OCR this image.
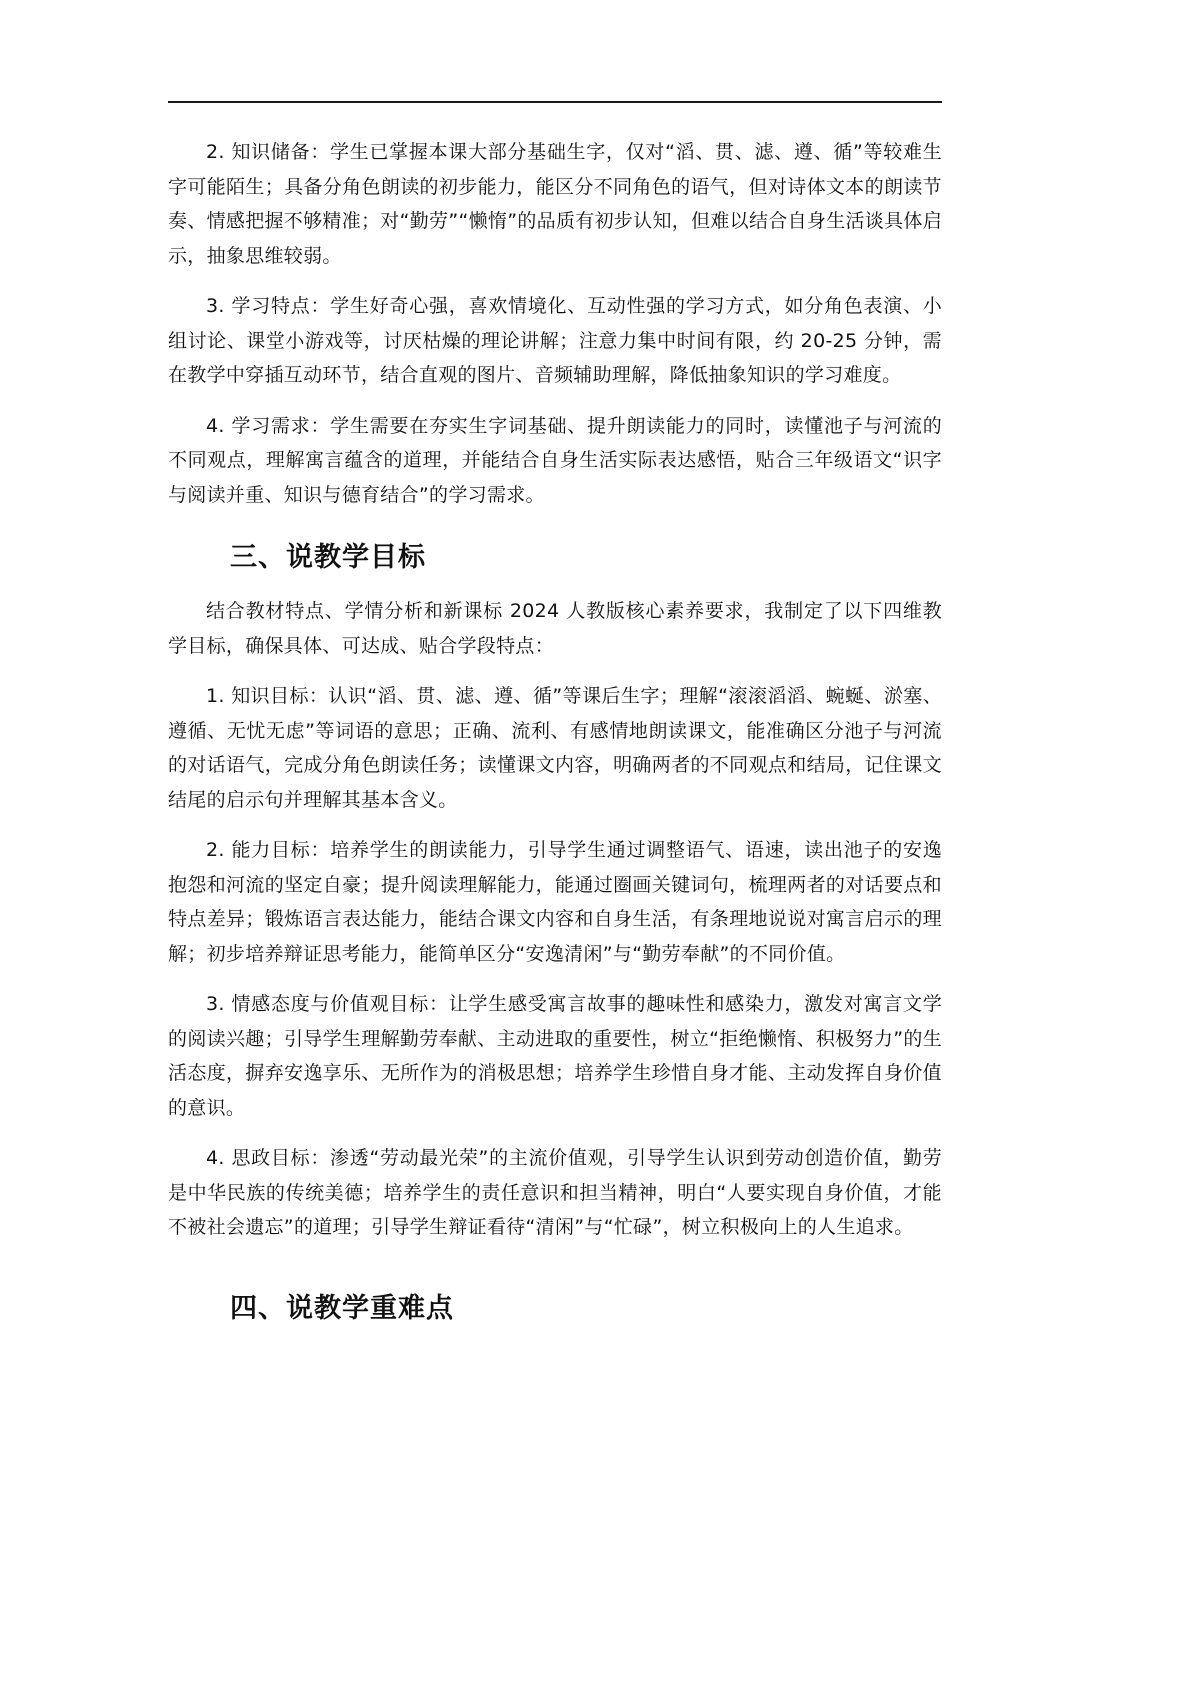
2. 知识储备：学生已掌握本课大部分基础生字，仅对“滔、贯、滤、遵、循”等较难生字可能陌生；具备分角色朗读的初步能力，能区分不同角色的语气，但对诗体文本的朗读节奏、情感把握不够精准；对“勤劳”“懒惰”的品质有初步认知，但难以结合自身生活谈具体启示，抽象思维较弱。

3. 学习特点：学生好奇心强，喜欢情境化、互动性强的学习方式，如分角色表演、小组讨论、课堂小游戏等，讨厌枯燥的理论讲解；注意力集中时间有限，约 20-25 分钟，需在教学中穿插互动环节，结合直观的图片、音频辅助理解，降低抽象知识的学习难度。

4. 学习需求：学生需要在夯实生字词基础、提升朗读能力的同时，读懂池子与河流的不同观点，理解寓言蕴含的道理，并能结合自身生活实际表达感悟，贴合三年级语文“识字与阅读并重、知识与德育结合”的学习需求。

三、说教学目标

结合教材特点、学情分析和新课标 2024 人教版核心素养要求，我制定了以下四维教学目标，确保具体、可达成、贴合学段特点：

1. 知识目标：认识“滔、贯、滤、遵、循”等课后生字；理解“滚滚滔滔、蜿蜒、淤塞、遵循、无忧无虑”等词语的意思；正确、流利、有感情地朗读课文，能准确区分池子与河流的对话语气，完成分角色朗读任务；读懂课文内容，明确两者的不同观点和结局，记住课文结尾的启示句并理解其基本含义。

2. 能力目标：培养学生的朗读能力，引导学生通过调整语气、语速，读出池子的安逸抱怨和河流的坚定自豪；提升阅读理解能力，能通过圈画关键词句，梳理两者的对话要点和特点差异；锻炼语言表达能力，能结合课文内容和自身生活，有条理地说说对寓言启示的理解；初步培养辩证思考能力，能简单区分“安逸清闲”与“勤劳奉献”的不同价值。

3. 情感态度与价值观目标：让学生感受寓言故事的趣味性和感染力，激发对寓言文学的阅读兴趣；引导学生理解勤劳奉献、主动进取的重要性，树立“拒绝懒惰、积极努力”的生活态度，摒弃安逸享乐、无所作为的消极思想；培养学生珍惜自身才能、主动发挥自身价值的意识。

4. 思政目标：渗透“劳动最光荣”的主流价值观，引导学生认识到劳动创造价值，勤劳是中华民族的传统美德；培养学生的责任意识和担当精神，明白“人要实现自身价值，才能不被社会遗忘”的道理；引导学生辩证看待“清闲”与“忙碌”，树立积极向上的人生追求。

四、说教学重难点
